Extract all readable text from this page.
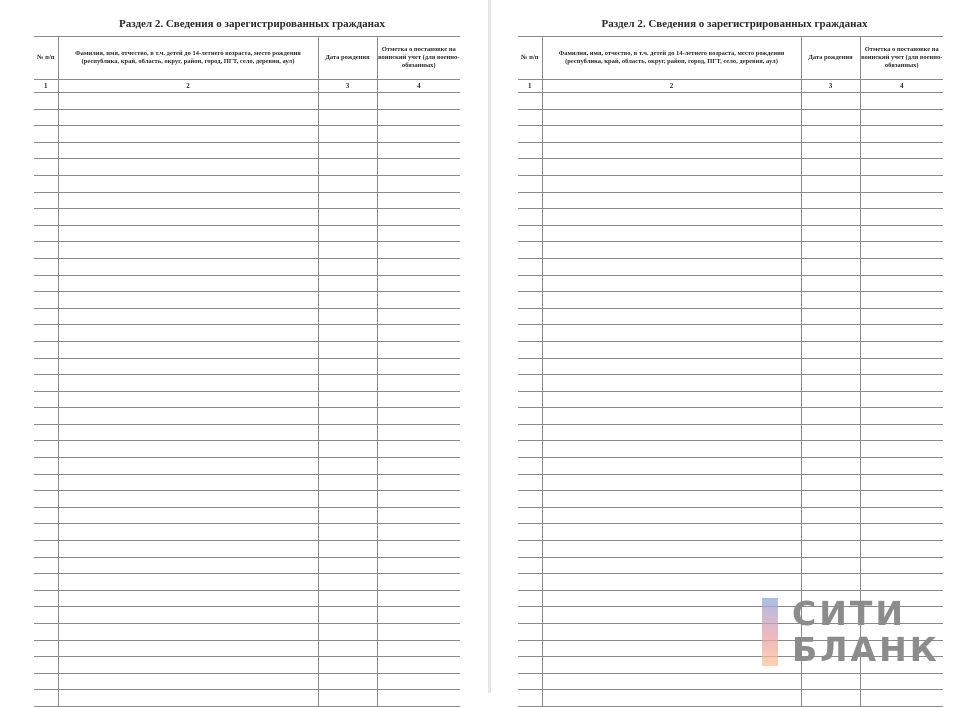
Раздел 2. Сведения о зарегистрированных гражданах
№ п/п	Фамилия, имя, отчество, в т.ч. детей до 14-летнего возраста, место рождения (республика, край, область, округ, район, город, ПГТ, село, деревня, аул)	Дата рождения	Отметка о постановке на воинский учет (для военно-обязанных)
1	2	3	4

Раздел 2. Сведения о зарегистрированных гражданах
№ п/п	Фамилия, имя, отчество, в т.ч. детей до 14-летнего возраста, место рождения (республика, край, область, округ, район, город, ПГТ, село, деревня, аул)	Дата рождения	Отметка о постановке на воинский учет (для военно-обязанных)
1	2	3	4

СИТИ
БЛАНК
